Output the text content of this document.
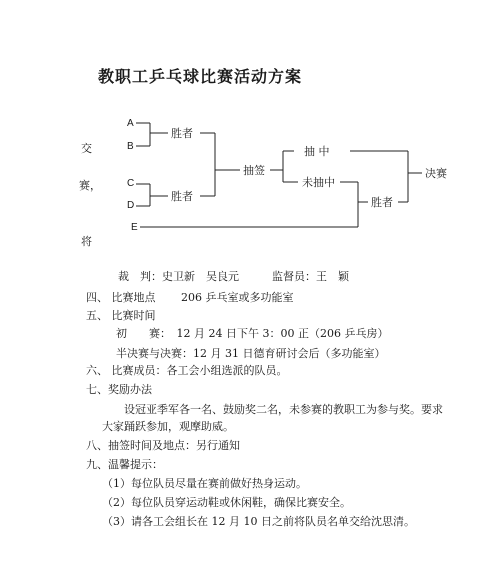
教职工乒乓球比赛活动方案
交
赛，
将
A
B
C
D
E
胜者
胜者
抽签
抽 中
未抽中
胜者
决赛
裁　判：史卫新　吴良元　　　监督员：王　颖
四、 比赛地点　　 206 乒乓室或多功能室
五、 比赛时间
初　　赛：　12 月 24 日下午 3：00 正（206 乒乓房）
半决赛与决赛：12 月 31 日德育研讨会后（多功能室）
六、 比赛成员：各工会小组选派的队员。
七、奖励办法
设冠亚季军各一名、鼓励奖二名，未参赛的教职工为参与奖。要求
大家踊跃参加，观摩助威。
八、抽签时间及地点：另行通知
九、温馨提示：
（1）每位队员尽量在赛前做好热身运动。
（2）每位队员穿运动鞋或休闲鞋，确保比赛安全。
（3）请各工会组长在 12 月 10 日之前将队员名单交给沈思清。
